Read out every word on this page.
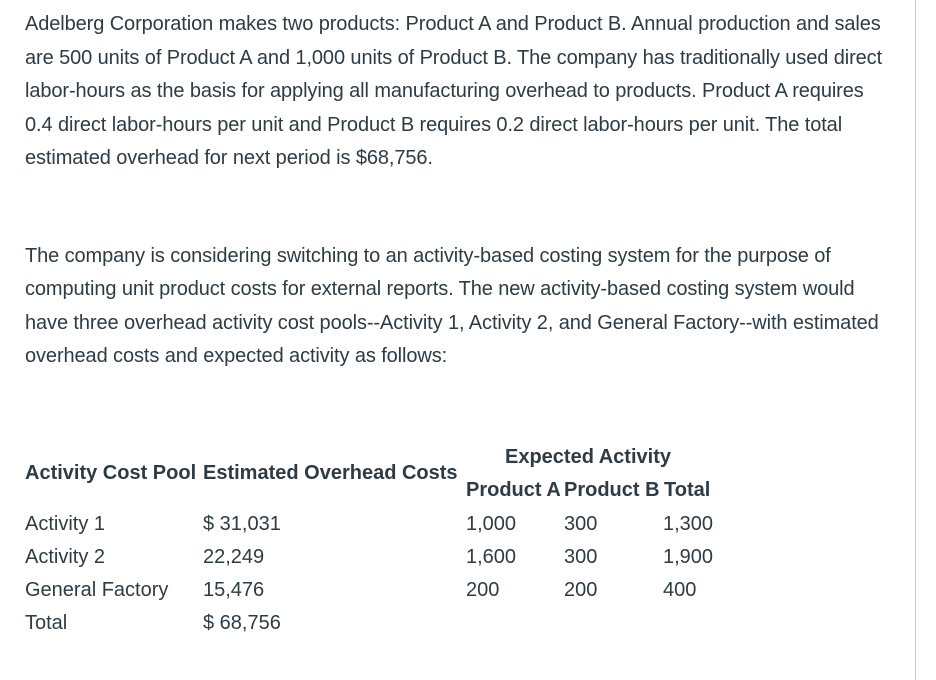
Adelberg Corporation makes two products: Product A and Product B. Annual production and sales are 500 units of Product A and 1,000 units of Product B. The company has traditionally used direct labor-hours as the basis for applying all manufacturing overhead to products. Product A requires 0.4 direct labor-hours per unit and Product B requires 0.2 direct labor-hours per unit. The total estimated overhead for next period is $68,756.

The company is considering switching to an activity-based costing system for the purpose of computing unit product costs for external reports. The new activity-based costing system would have three overhead activity cost pools--Activity 1, Activity 2, and General Factory--with estimated overhead costs and expected activity as follows:

Activity Cost Pool Estimated Overhead Costs
Expected Activity
Product A Product B Total
Activity 1	$ 31,031	1,000 300	1,300
Activity 2	22,249	1,600 300	1,900
General Factory 15,476	200	200	400
Total	$ 68,756
